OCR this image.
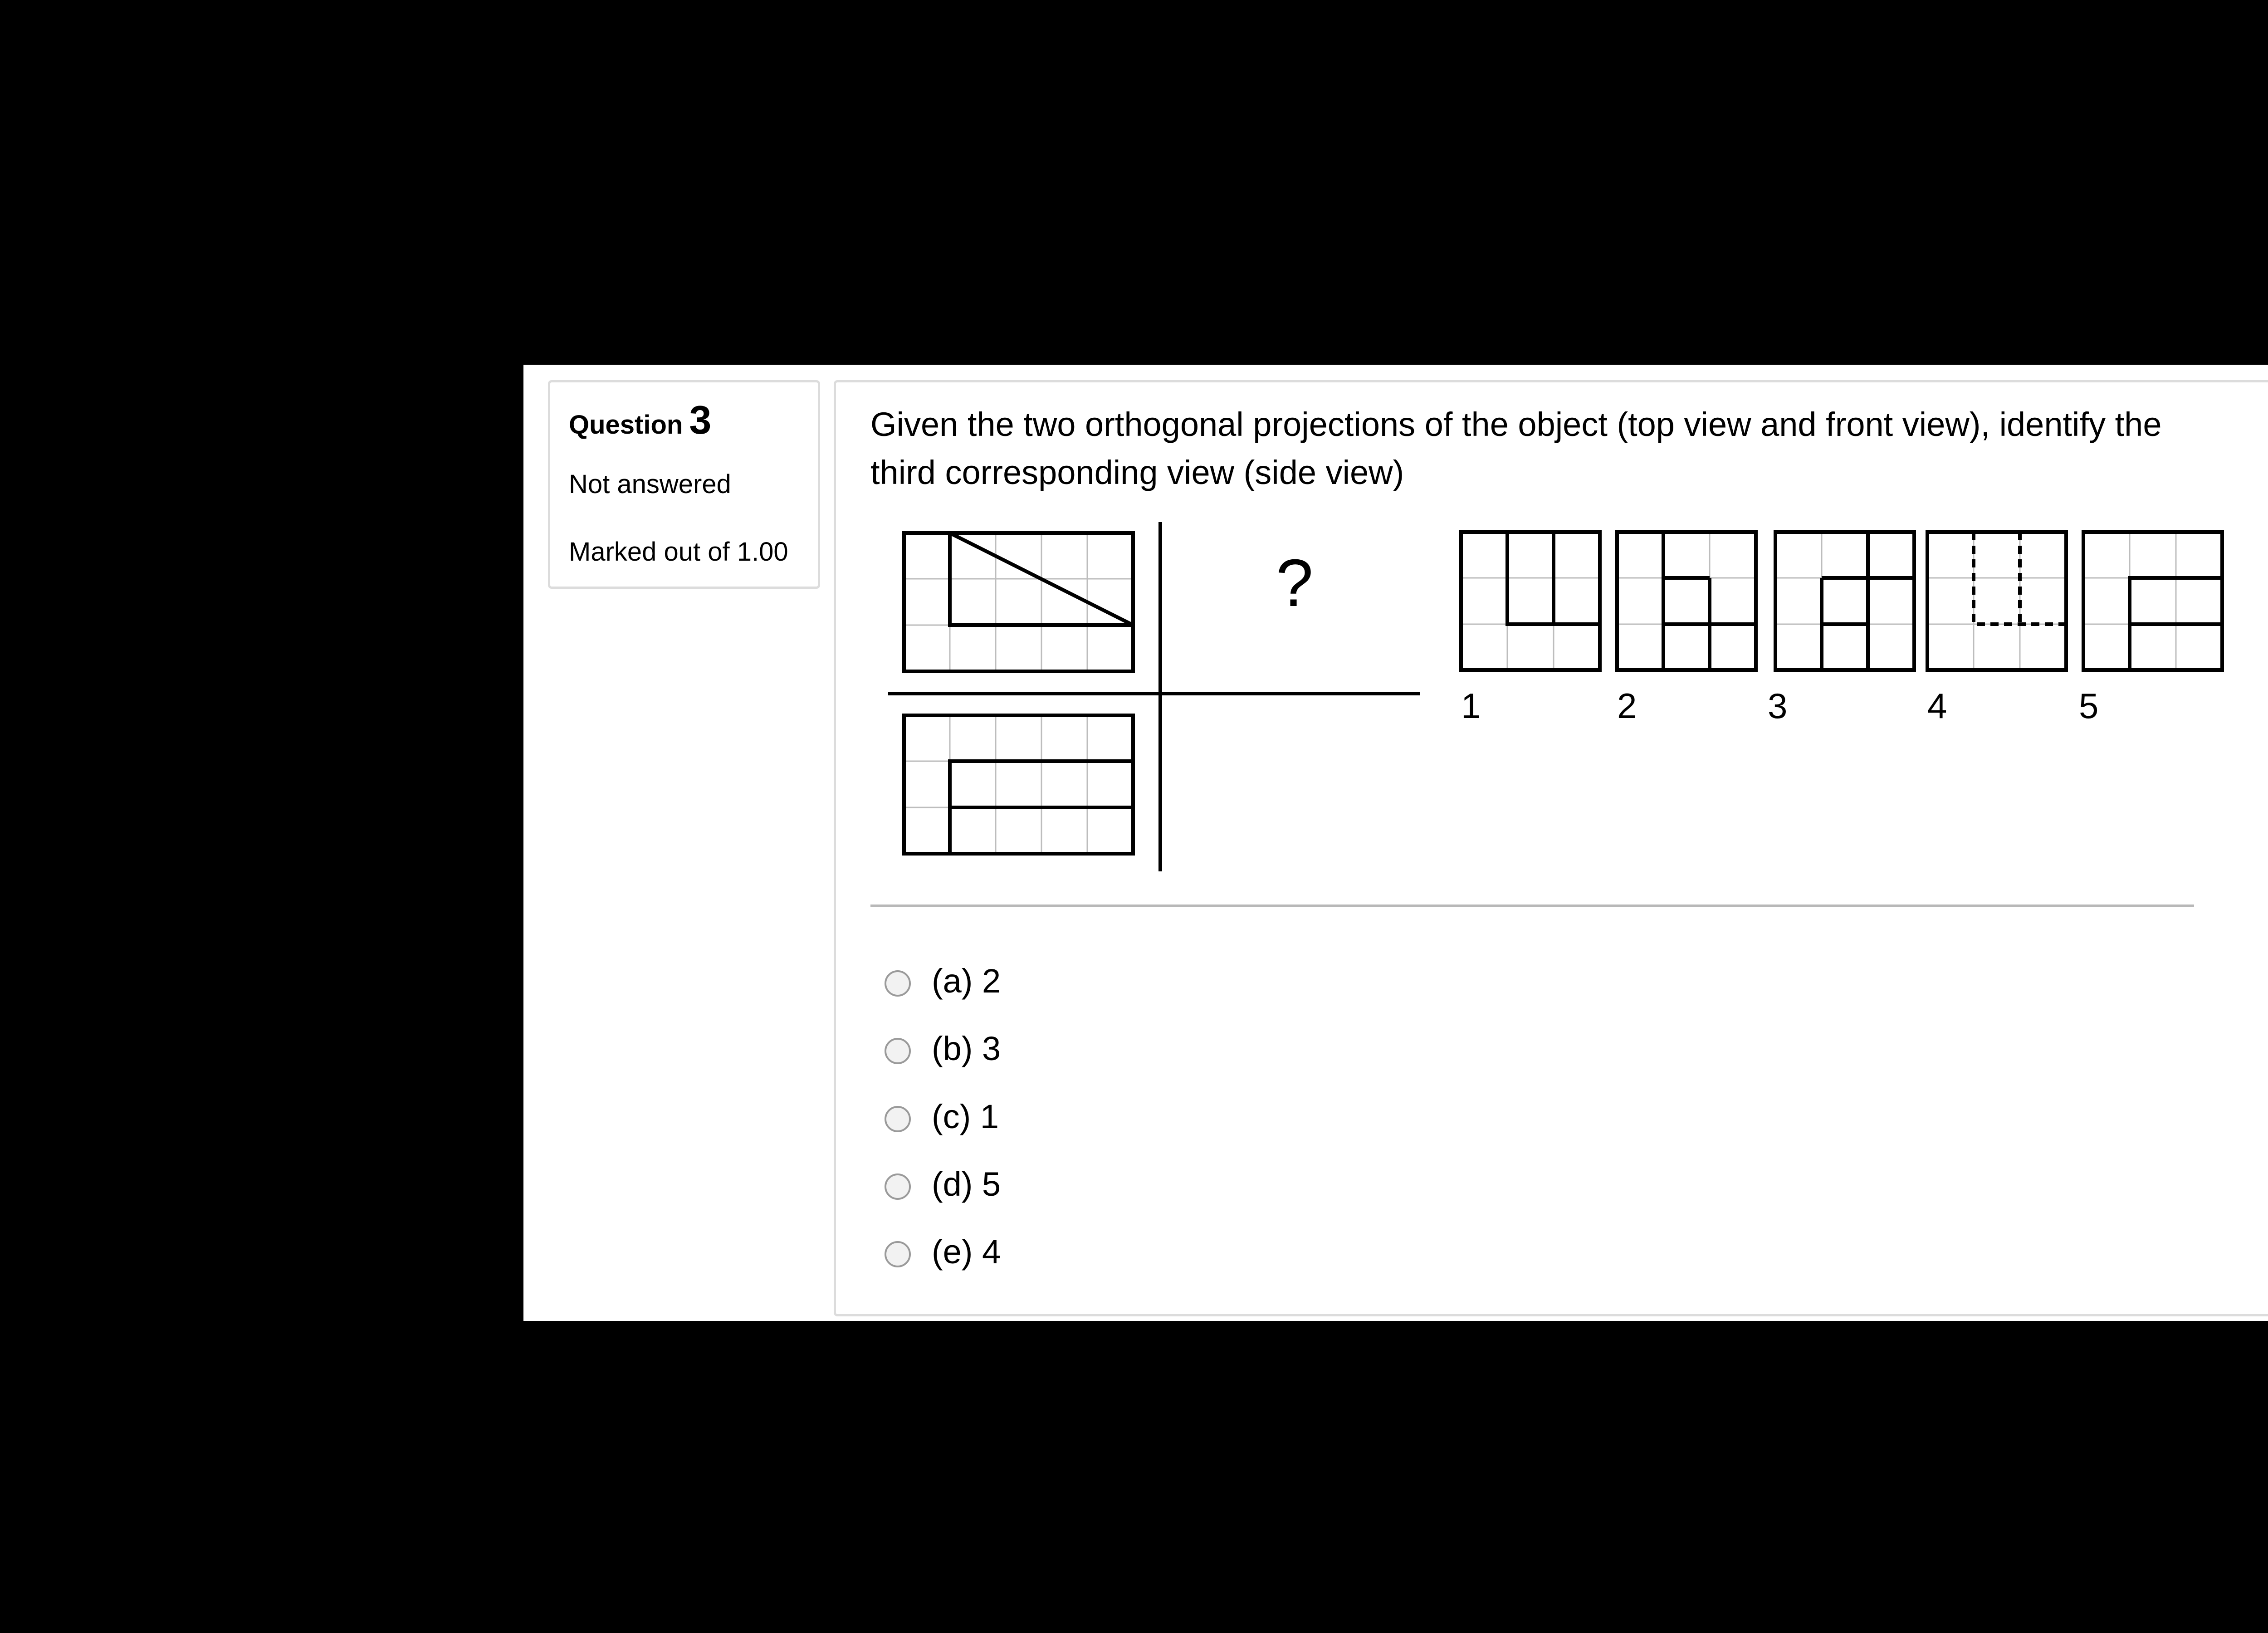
Question 3
Not answered
Marked out of 1.00
Given the two orthogonal projections of the object (top view and front view), identify the third corresponding view (side view)
?
1	2	3	4	5
(a) 2
(b) 3
(c) 1
(d) 5
(e) 4
